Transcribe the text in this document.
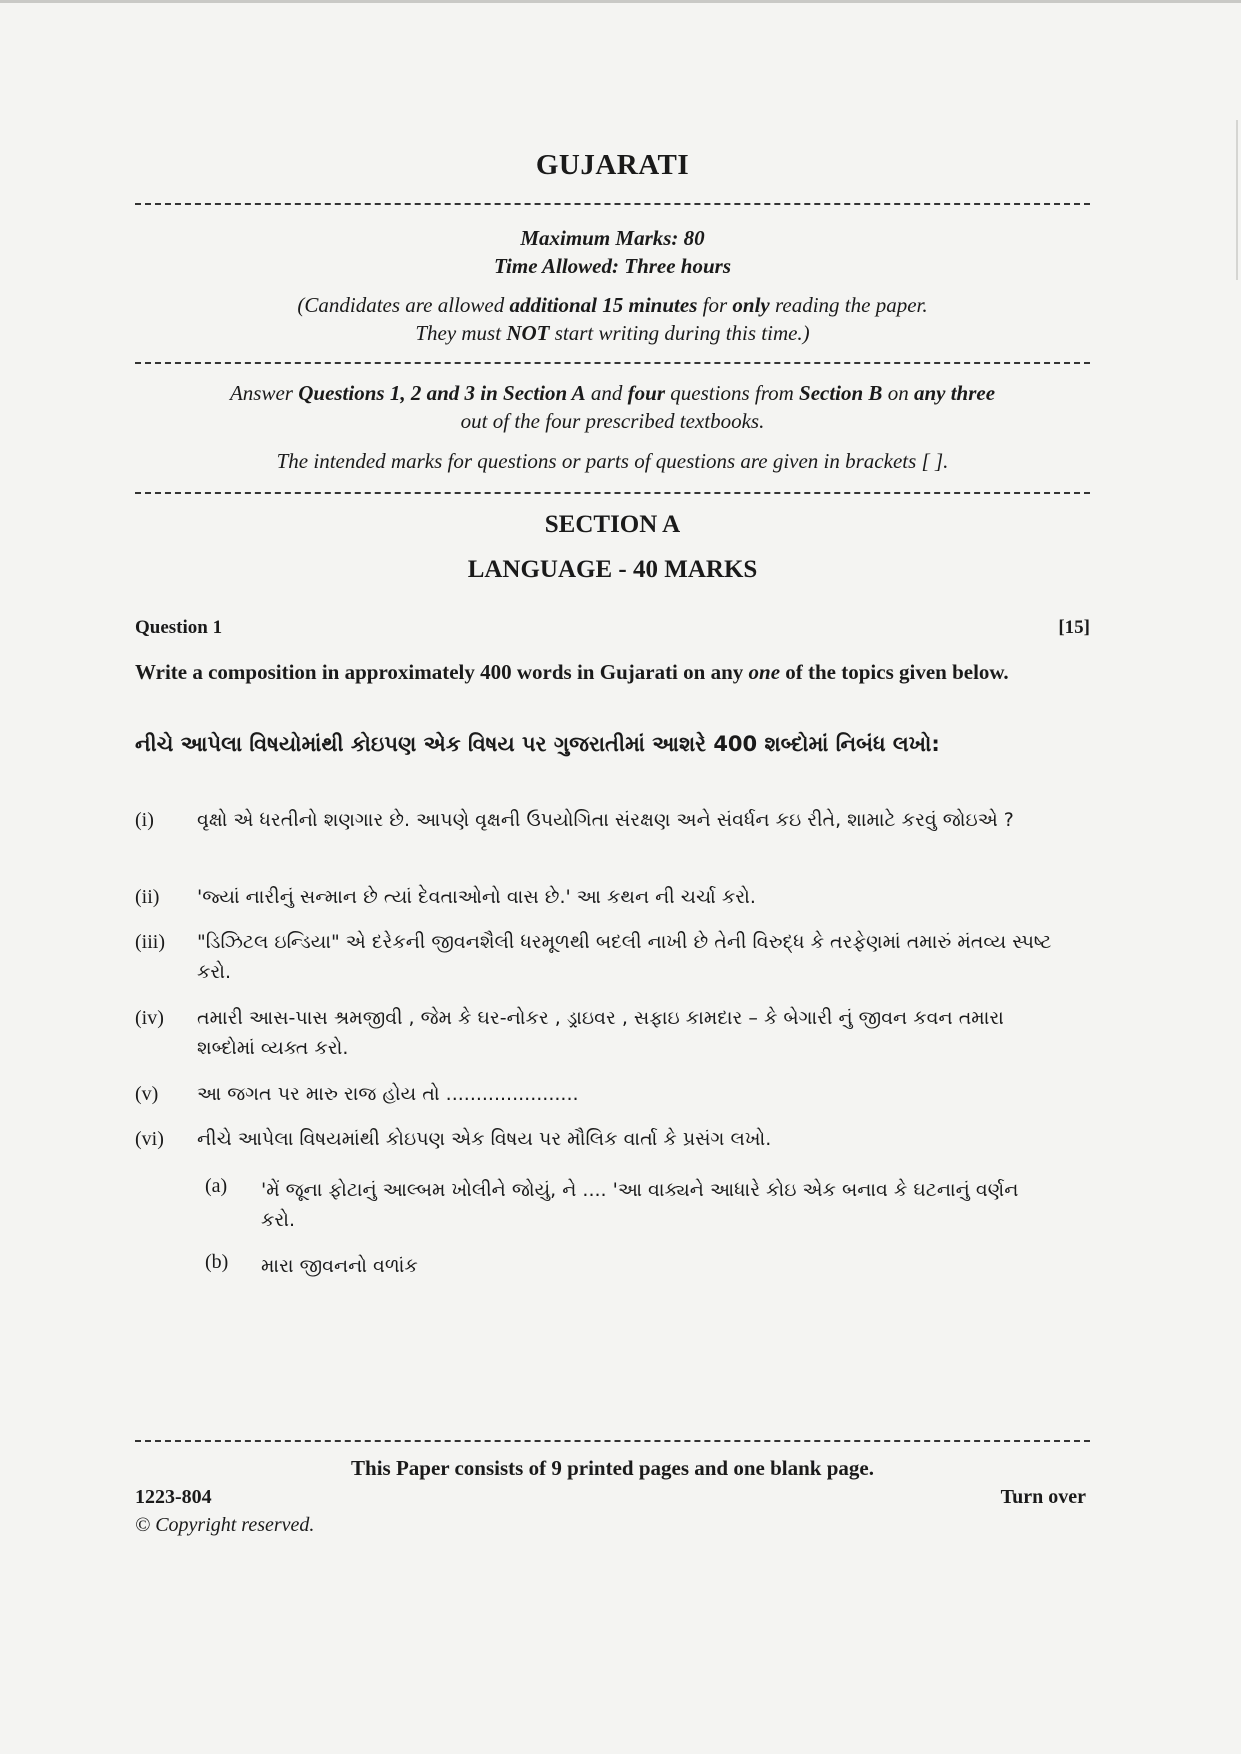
GUJARATI
Maximum Marks: 80
Time Allowed: Three hours
(Candidates are allowed additional 15 minutes for only reading the paper.
They must NOT start writing during this time.)
Answer Questions 1, 2 and 3 in Section A and four questions from Section B on any three
out of the four prescribed textbooks.
The intended marks for questions or parts of questions are given in brackets [ ].
SECTION A
LANGUAGE - 40 MARKS
Question 1	[15]
Write a composition in approximately 400 words in Gujarati on any one of the topics given below.
નીચે આપેલા વિષયોમાંથી કોઇપણ એક વિષય પર ગુજરાતીમાં આશરે 400 શબ્દોમાં નિબંધ લખો:
(i)	વૃક્ષો એ ધરતીનો શણગાર છે. આપણે વૃક્ષની ઉપયોગિતા સંરક્ષણ અને સંવર્ધન કઇ રીતે, શામાટે કરવું જોઇએ ?
(ii)	'જ્યાં નારીનું સન્માન છે ત્યાં દેવતાઓનો વાસ છે.' આ કથન ની ચર્ચા કરો.
(iii)	"ડિઝિટલ ઇન્ડિયા" એ દરેકની જીવનશૈલી ધરમૂળથી બદલી નાખી છે તેની વિરુદ્ધ કે તરફેણમાં તમારું મંતવ્ય સ્પષ્ટ કરો.
(iv)	તમારી આસ-પાસ શ્રમજીવી , જેમ કે ઘર-નોકર , ડ્રાઇવર , સફાઇ કામદાર – કે બેગારી નું જીવન કવન તમારા શબ્દોમાં વ્યક્ત કરો.
(v)	આ જગત પર મારુ રાજ હોય તો ......................
(vi)	નીચે આપેલા વિષયમાંથી કોઇપણ એક વિષય પર મૌલિક વાર્તા કે પ્રસંગ લખો.
(a)	'મેં જૂના ફોટાનું આલ્બમ ખોલીને જોયું, ને .... 'આ વાક્યને આધારે કોઇ એક બનાવ કે ઘટનાનું વર્ણન કરો.
(b)	મારા જીવનનો વળાંક
This Paper consists of 9 printed pages and one blank page.
1223-804	Turn over
© Copyright reserved.
